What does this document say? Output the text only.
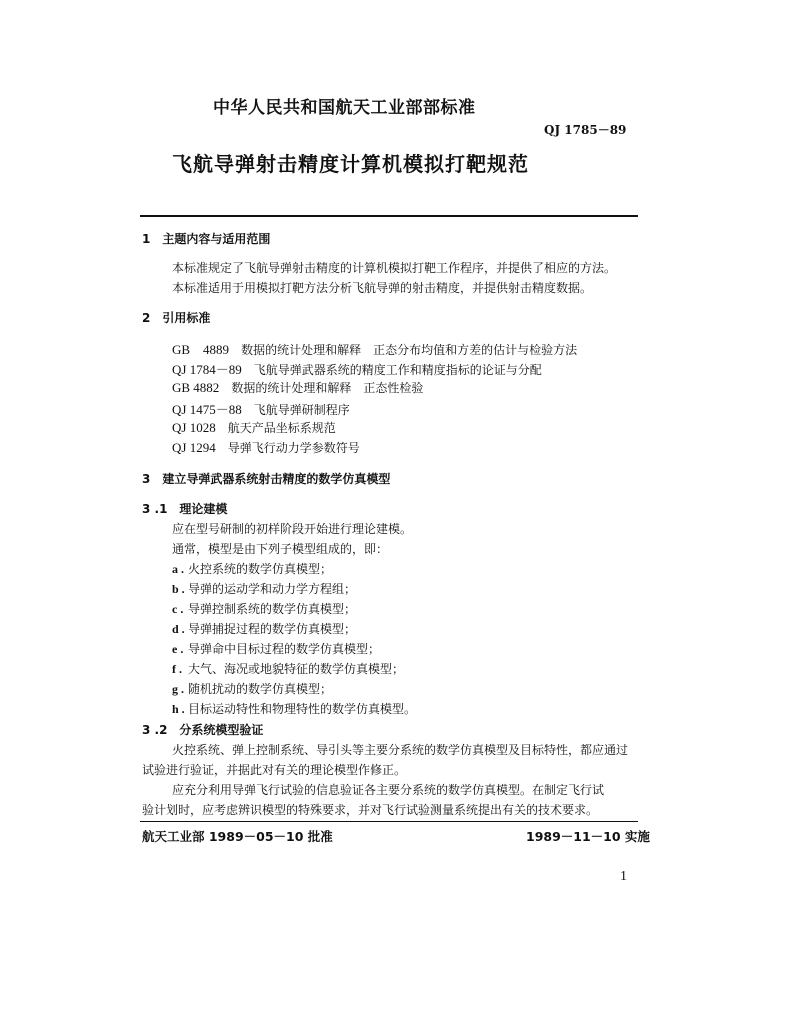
中华人民共和国航天工业部部标准
QJ 1785－89
飞航导弹射击精度计算机模拟打靶规范
1　主题内容与适用范围
本标准规定了飞航导弹射击精度的计算机模拟打靶工作程序，并提供了相应的方法。
本标准适用于用模拟打靶方法分析飞航导弹的射击精度，并提供射击精度数据。
2　引用标准
GB　4889　 数据的统计处理和解释　正态分布均值和方差的估计与检验方法
QJ 1784－89　 飞航导弹武器系统的精度工作和精度指标的论证与分配
GB 4882　 数据的统计处理和解释　正态性检验
QJ 1475－88　 飞航导弹研制程序
QJ 1028　 航天产品坐标系规范
QJ 1294　 导弹飞行动力学参数符号
3　建立导弹武器系统射击精度的数学仿真模型
3 .1　理论建模
应在型号研制的初样阶段开始进行理论建模。
通常，模型是由下列子模型组成的，即：
a . 火控系统的数学仿真模型；
b . 导弹的运动学和动力学方程组；
c . 导弹控制系统的数学仿真模型；
d . 导弹捕捉过程的数学仿真模型；
e . 导弹命中目标过程的数学仿真模型；
f . 大气、海况或地貌特征的数学仿真模型；
g . 随机扰动的数学仿真模型；
h . 目标运动特性和物理特性的数学仿真模型。
3 .2　分系统模型验证
火控系统、弹上控制系统、导引头等主要分系统的数学仿真模型及目标特性，都应通过
试验进行验证，并据此对有关的理论模型作修正。
应充分利用导弹飞行试验的信息验证各主要分系统的数学仿真模型。在制定飞行试
验计划时，应考虑辨识模型的特殊要求，并对飞行试验测量系统提出有关的技术要求。
航天工业部 1989－05－10 批准	1989－11－10 实施
1
